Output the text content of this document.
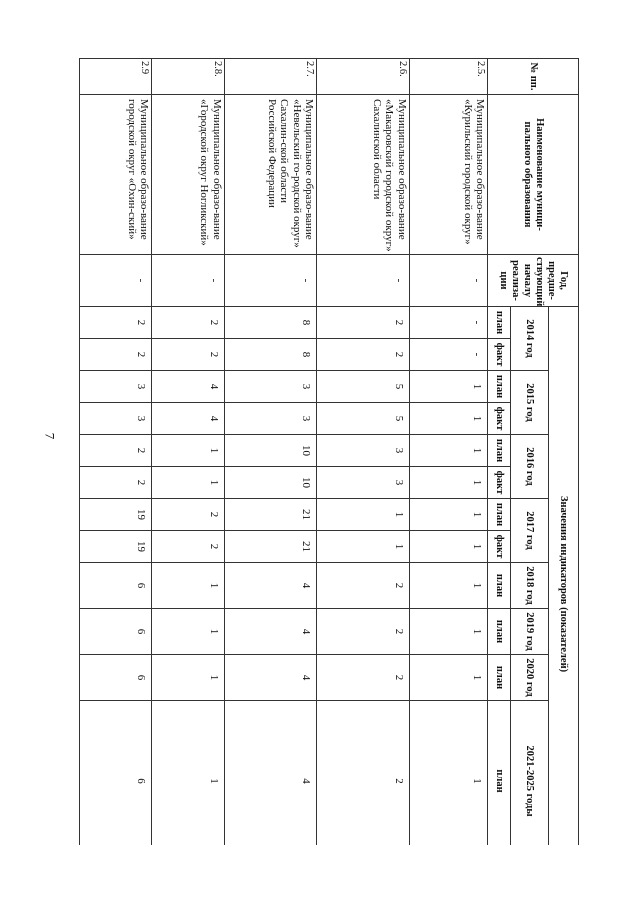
7
№ пп.	Наименование муници-пального образования	Год, предше-ствующий началу реализа-ции	Значения индикаторов (показателей)											
			2014 год		2015 год		2016 год		2017 год		2018 год	2019 год	2020 год	2021-2025 годы
			план	факт	план	факт	план	факт	план	факт	план	план	план	план
2.5.	Муниципальное образо-вание «Курильский городской округ»	-	-	-	1	1	1	1	1	1	1	1	1	1
2.6.	Муниципальное образо-вание «Макаровский городской округ» Сахалинской области	-	2	2	5	5	3	3	1	1	2	2	2	2
2.7.	Муниципальное образо-вание «Невельский го-родской округ» Сахалин-ской области Российской Федерации	-	8	8	3	3	10	10	21	21	4	4	4	4
2.8.	Муниципальное образо-вание «Городской округ Ногликский»	-	2	2	4	4	1	1	2	2	1	1	1	1
2.9	Муниципальное образо-вание городской округ «Охин-ский»	-	2	2	3	3	2	2	19	19	6	6	6	6
